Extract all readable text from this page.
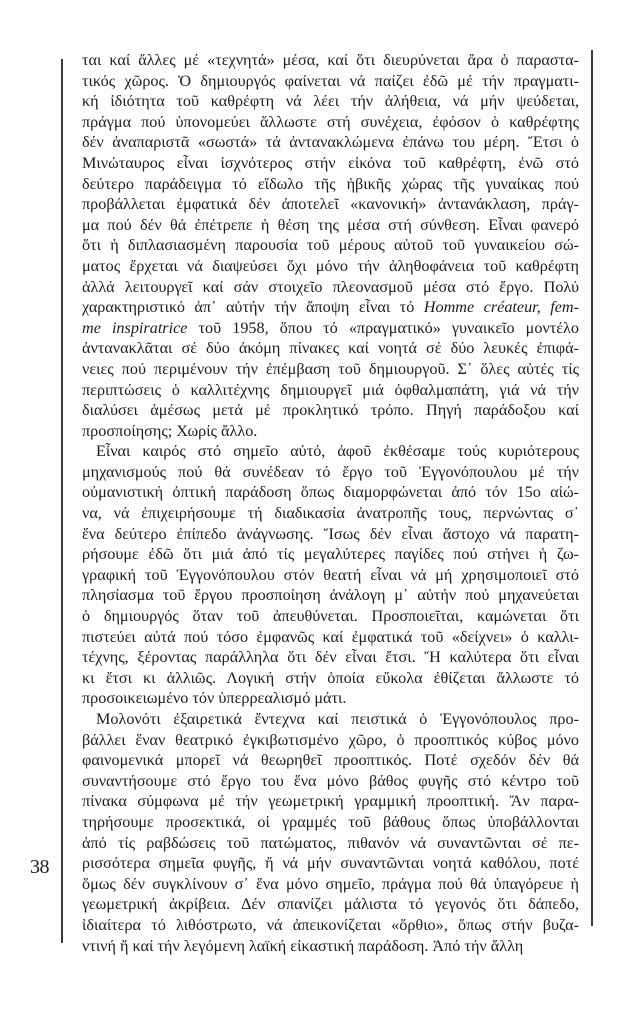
38
ται καί ἄλλες μέ «τεχνητά» μέσα, καί ὅτι διευρύνεται ἄρα ὁ παραστα-
τικός χῶρος. Ὁ δημιουργός φαίνεται νά παίζει ἐδῶ μέ τήν πραγματι-
κή ἰδιότητα τοῦ καθρέφτη νά λέει τήν ἀλήθεια, νά μήν ψεύδεται,
πράγμα πού ὑπονομεύει ἄλλωστε στή συνέχεια, ἐφόσον ὁ καθρέφτης
δέν ἀναπαριστᾶ «σωστά» τά ἀντανακλώμενα ἐπάνω του μέρη. Ἔτσι ὁ
Μινώταυρος εἶναι ἰσχνότερος στήν εἰκόνα τοῦ καθρέφτη, ἐνῶ στό
δεύτερο παράδειγμα τό εἴδωλο τῆς ἡβικῆς χώρας τῆς γυναίκας πού
προβάλλεται ἐμφατικά δέν ἀποτελεῖ «κανονική» ἀντανάκλαση, πράγ-
μα πού δέν θά ἐπέτρεπε ἡ θέση της μέσα στή σύνθεση. Εἶναι φανερό
ὅτι ἡ διπλασιασμένη παρουσία τοῦ μέρους αὐτοῦ τοῦ γυναικείου σώ-
ματος ἔρχεται νά διαψεύσει ὄχι μόνο τήν ἀληθοφάνεια τοῦ καθρέφτη
ἀλλά λειτουργεῖ καί σάν στοιχεῖο πλεονασμοῦ μέσα στό ἔργο. Πολύ
χαρακτηριστικό ἀπ᾽ αὐτήν τήν ἄποψη εἶναι τό Homme créateur, fem-
me inspiratrice τοῦ 1958, ὅπου τό «πραγματικό» γυναικεῖο μοντέλο
ἀντανακλᾶται σέ δύο ἀκόμη πίνακες καί νοητά σέ δύο λευκές ἐπιφά-
νειες πού περιμένουν τήν ἐπέμβαση τοῦ δημιουργοῦ. Σ᾽ ὅλες αὐτές τίς
περιπτώσεις ὁ καλλιτέχνης δημιουργεῖ μιά ὀφθαλμαπάτη, γιά νά τήν
διαλύσει ἀμέσως μετά μέ προκλητικό τρόπο. Πηγή παράδοξου καί
προσποίησης; Χωρίς ἄλλο.
Εἶναι καιρός στό σημεῖο αὐτό, ἀφοῦ ἐκθέσαμε τούς κυριότερους
μηχανισμούς πού θά συνέδεαν τό ἔργο τοῦ Ἐγγονόπουλου μέ τήν
οὐμανιστική ὀπτική παράδοση ὅπως διαμορφώνεται ἀπό τόν 15ο αἰώ-
να, νά ἐπιχειρήσουμε τή διαδικασία ἀνατροπῆς τους, περνώντας σ᾽
ἕνα δεύτερο ἐπίπεδο ἀνάγνωσης. Ἴσως δέν εἶναι ἄστοχο νά παρατη-
ρήσουμε ἐδῶ ὅτι μιά ἀπό τίς μεγαλύτερες παγίδες πού στήνει ἡ ζω-
γραφική τοῦ Ἐγγονόπουλου στόν θεατή εἶναι νά μή χρησιμοποιεῖ στό
πλησίασμα τοῦ ἔργου προσποίηση ἀνάλογη μ᾽ αὐτήν πού μηχανεύεται
ὁ δημιουργός ὅταν τοῦ ἀπευθύνεται. Προσποιεῖται, καμώνεται ὅτι
πιστεύει αὐτά πού τόσο ἐμφανῶς καί ἐμφατικά τοῦ «δείχνει» ὁ καλλι-
τέχνης, ξέροντας παράλληλα ὅτι δέν εἶναι ἔτσι. Ἤ καλύτερα ὅτι εἶναι
κι ἔτσι κι ἀλλιῶς. Λογική στήν ὁποία εὔκολα ἐθίζεται ἄλλωστε τό
προσοικειωμένο τόν ὑπερρεαλισμό μάτι.
Μολονότι ἐξαιρετικά ἔντεχνα καί πειστικά ὁ Ἐγγονόπουλος προ-
βάλλει ἕναν θεατρικό ἐγκιβωτισμένο χῶρο, ὁ προοπτικός κύβος μόνο
φαινομενικά μπορεῖ νά θεωρηθεῖ προοπτικός. Ποτέ σχεδόν δέν θά
συναντήσουμε στό ἔργο του ἕνα μόνο βάθος φυγῆς στό κέντρο τοῦ
πίνακα σύμφωνα μέ τήν γεωμετρική γραμμική προοπτική. Ἄν παρα-
τηρήσουμε προσεκτικά, οἱ γραμμές τοῦ βάθους ὅπως ὑποβάλλονται
ἀπό τίς ραβδώσεις τοῦ πατώματος, πιθανόν νά συναντῶνται σέ πε-
ρισσότερα σημεῖα φυγῆς, ἤ νά μήν συναντῶνται νοητά καθόλου, ποτέ
ὅμως δέν συγκλίνουν σ᾽ ἕνα μόνο σημεῖο, πράγμα πού θά ὑπαγόρευε ἡ
γεωμετρική ἀκρίβεια. Δέν σπανίζει μάλιστα τό γεγονός ὅτι δάπεδο,
ἰδιαίτερα τό λιθόστρωτο, νά ἀπεικονίζεται «ὄρθιο», ὅπως στήν βυζα-
ντινή ἤ καί τήν λεγόμενη λαϊκή εἰκαστική παράδοση. Ἀπό τήν ἄλλη
